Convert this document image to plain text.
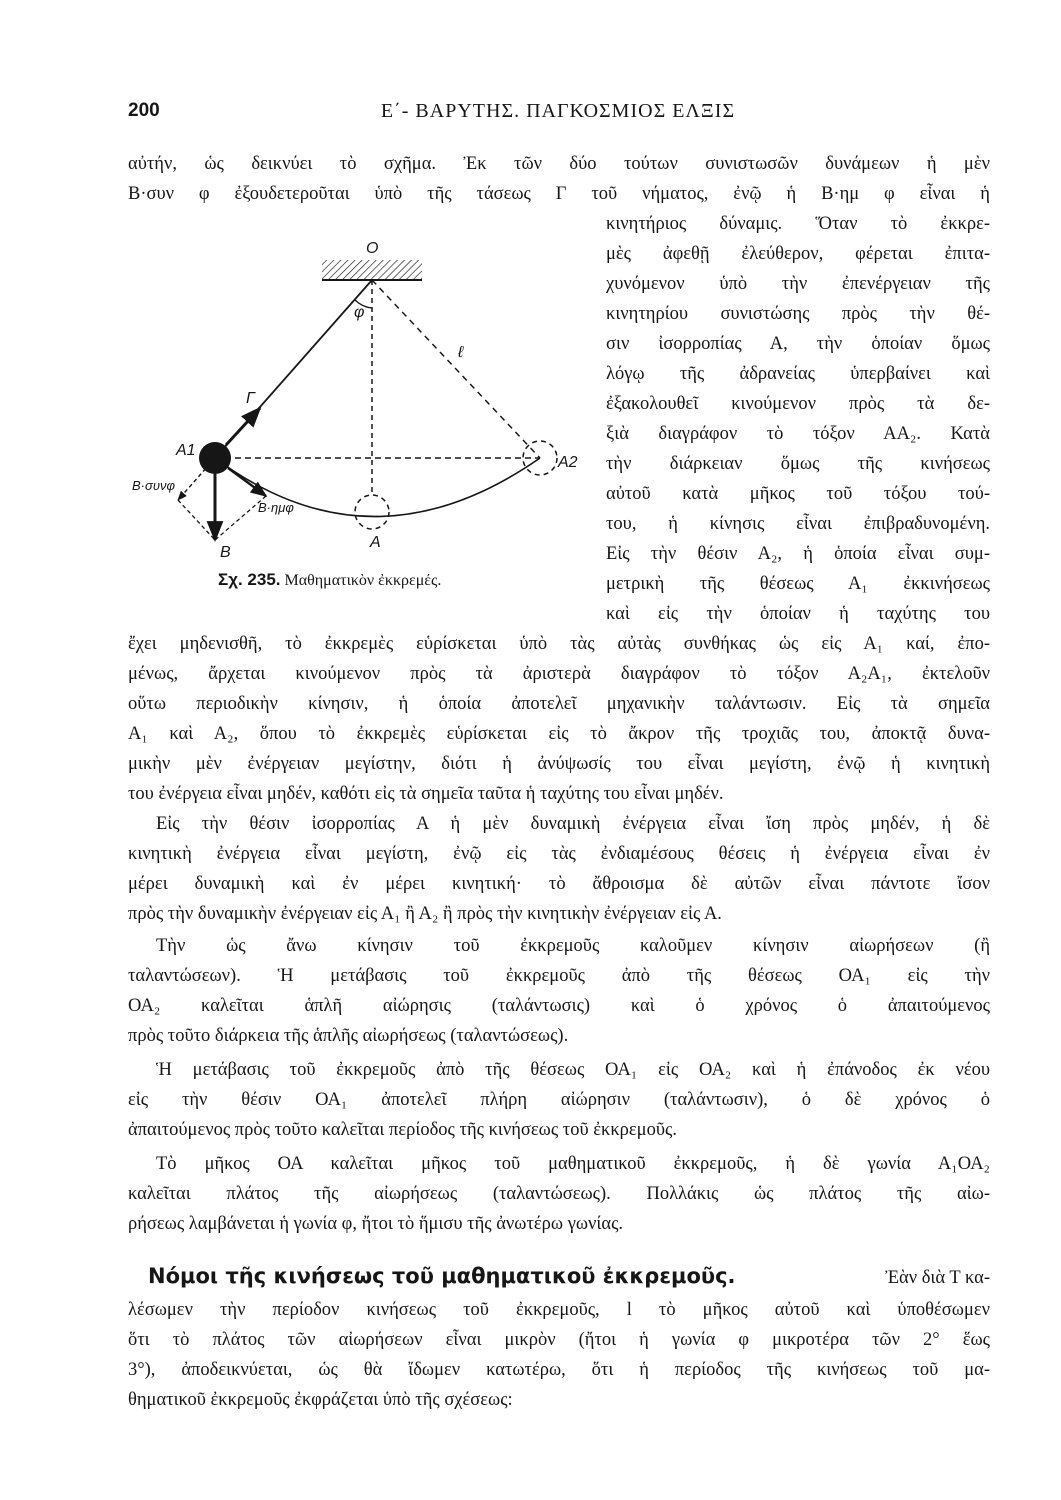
200	Ε΄- ΒΑΡΥΤΗΣ. ΠΑΓΚΟΣΜΙΟΣ ΕΛΞΙΣ
αὐτήν, ὡς δεικνύει τὸ σχῆμα. Ἐκ τῶν δύο τούτων συνιστωσῶν δυνάμεων ἡ μὲν
Β·συν φ ἐξουδετεροῦται ὑπὸ τῆς τάσεως Γ τοῦ νήματος, ἐνῷ ἡ Β·ημ φ εἶναι ἡ
O
φ
ℓ
Γ
A1
A2
A
B
B·συνφ
B·ημφ
Σχ. 235. Μαθηματικὸν ἐκκρεμές.
κινητήριος δύναμις. Ὅταν τὸ ἐκκρε-
μὲς ἀφεθῇ ἐλεύθερον, φέρεται ἐπιτα-
χυνόμενον ὑπὸ τὴν ἐπενέργειαν τῆς
κινητηρίου συνιστώσης πρὸς τὴν θέ-
σιν ἰσορροπίας Α, τὴν ὁποίαν ὅμως
λόγῳ τῆς ἀδρανείας ὑπερβαίνει καὶ
ἐξακολουθεῖ κινούμενον πρὸς τὰ δε-
ξιὰ διαγράφον τὸ τόξον ΑΑ₂. Κατὰ
τὴν διάρκειαν ὅμως τῆς κινήσεως
αὐτοῦ κατὰ μῆκος τοῦ τόξου τού-
του, ἡ κίνησις εἶναι ἐπιβραδυνομένη.
Εἰς τὴν θέσιν Α₂, ἡ ὁποία εἶναι συμ-
μετρικὴ τῆς θέσεως Α₁ ἐκκινήσεως
καὶ εἰς τὴν ὁποίαν ἡ ταχύτης του
ἔχει μηδενισθῆ, τὸ ἐκκρεμὲς εὑρίσκεται ὑπὸ τὰς αὐτὰς συνθήκας ὡς εἰς Α₁ καί, ἐπο-
μένως, ἄρχεται κινούμενον πρὸς τὰ ἀριστερὰ διαγράφον τὸ τόξον Α₂Α₁, ἐκτελοῦν
οὕτω περιοδικὴν κίνησιν, ἡ ὁποία ἀποτελεῖ μηχανικὴν ταλάντωσιν. Εἰς τὰ σημεῖα
Α₁ καὶ Α₂, ὅπου τὸ ἐκκρεμὲς εὑρίσκεται εἰς τὸ ἄκρον τῆς τροχιᾶς του, ἀποκτᾷ δυνα-
μικὴν μὲν ἐνέργειαν μεγίστην, διότι ἡ ἀνύψωσίς του εἶναι μεγίστη, ἐνῷ ἡ κινητικὴ
του ἐνέργεια εἶναι μηδέν, καθότι εἰς τὰ σημεῖα ταῦτα ἡ ταχύτης του εἶναι μηδέν.
Εἰς τὴν θέσιν ἰσορροπίας Α ἡ μὲν δυναμικὴ ἐνέργεια εἶναι ἴση πρὸς μηδέν, ἡ δὲ
κινητικὴ ἐνέργεια εἶναι μεγίστη, ἐνῷ εἰς τὰς ἐνδιαμέσους θέσεις ἡ ἐνέργεια εἶναι ἐν
μέρει δυναμικὴ καὶ ἐν μέρει κινητική· τὸ ἄθροισμα δὲ αὐτῶν εἶναι πάντοτε ἴσον
πρὸς τὴν δυναμικὴν ἐνέργειαν εἰς Α₁ ἢ Α₂ ἢ πρὸς τὴν κινητικὴν ἐνέργειαν εἰς Α.
Τὴν ὡς ἄνω κίνησιν τοῦ ἐκκρεμοῦς καλοῦμεν κίνησιν αἰωρήσεων (ἢ
ταλαντώσεων). Ἡ μετάβασις τοῦ ἐκκρεμοῦς ἀπὸ τῆς θέσεως ΟΑ₁ εἰς τὴν
ΟΑ₂ καλεῖται ἁπλῆ αἰώρησις (ταλάντωσις) καὶ ὁ χρόνος ὁ ἀπαιτούμενος
πρὸς τοῦτο διάρκεια τῆς ἁπλῆς αἰωρήσεως (ταλαντώσεως).
Ἡ μετάβασις τοῦ ἐκκρεμοῦς ἀπὸ τῆς θέσεως ΟΑ₁ εἰς ΟΑ₂ καὶ ἡ ἐπάνοδος ἐκ νέου
εἰς τὴν θέσιν ΟΑ₁ ἀποτελεῖ πλήρη αἰώρησιν (ταλάντωσιν), ὁ δὲ χρόνος ὁ
ἀπαιτούμενος πρὸς τοῦτο καλεῖται περίοδος τῆς κινήσεως τοῦ ἐκκρεμοῦς.
Τὸ μῆκος ΟΑ καλεῖται μῆκος τοῦ μαθηματικοῦ ἐκκρεμοῦς, ἡ δὲ γωνία Α₁ΟΑ₂
καλεῖται πλάτος τῆς αἰωρήσεως (ταλαντώσεως). Πολλάκις ὡς πλάτος τῆς αἰω-
ρήσεως λαμβάνεται ἡ γωνία φ, ἤτοι τὸ ἥμισυ τῆς ἀνωτέρω γωνίας.
Νόμοι τῆς κινήσεως τοῦ μαθηματικοῦ ἐκκρεμοῦς.	Ἐὰν διὰ Τ κα-
λέσωμεν τὴν περίοδον κινήσεως τοῦ ἐκκρεμοῦς, l τὸ μῆκος αὐτοῦ καὶ ὑποθέσωμεν
ὅτι τὸ πλάτος τῶν αἰωρήσεων εἶναι μικρὸν (ἤτοι ἡ γωνία φ μικροτέρα τῶν 2° ἕως
3°), ἀποδεικνύεται, ὡς θὰ ἴδωμεν κατωτέρω, ὅτι ἡ περίοδος τῆς κινήσεως τοῦ μα-
θηματικοῦ ἐκκρεμοῦς ἐκφράζεται ὑπὸ τῆς σχέσεως:
